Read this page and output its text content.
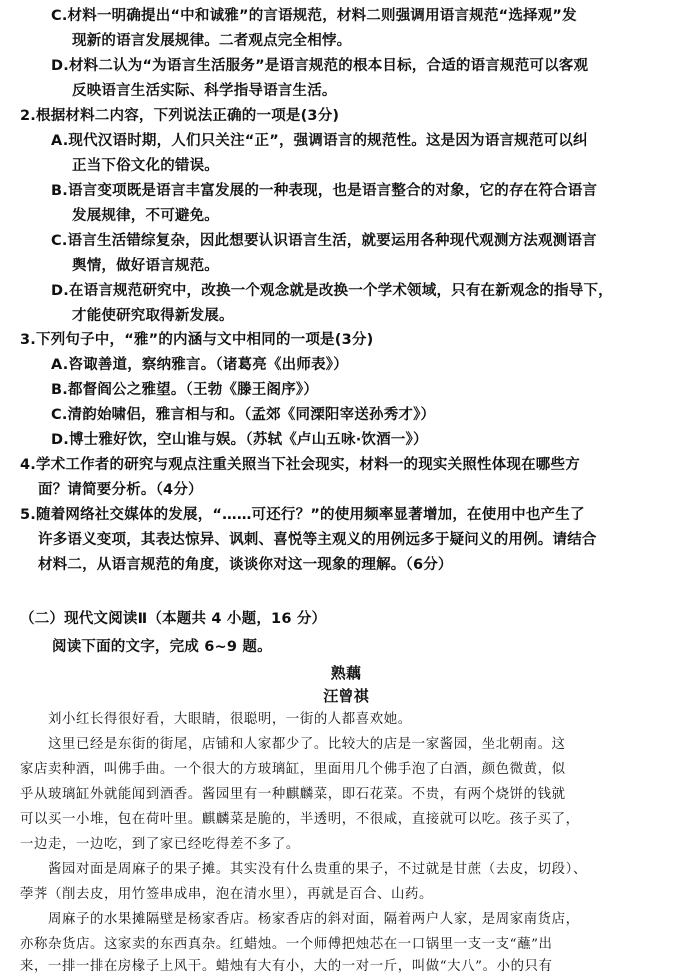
C.材料一明确提出“中和诚雅”的言语规范，材料二则强调用语言规范“选择观”发
现新的语言发展规律。二者观点完全相悖。
D.材料二认为“为语言生活服务”是语言规范的根本目标，合适的语言规范可以客观
反映语言生活实际、科学指导语言生活。
2.根据材料二内容，下列说法正确的一项是(3分)
A.现代汉语时期，人们只关注“正”，强调语言的规范性。这是因为语言规范可以纠
正当下俗文化的错误。
B.语言变项既是语言丰富发展的一种表现，也是语言整合的对象，它的存在符合语言
发展规律，不可避免。
C.语言生活错综复杂，因此想要认识语言生活，就要运用各种现代观测方法观测语言
舆情，做好语言规范。
D.在语言规范研究中，改换一个观念就是改换一个学术领域，只有在新观念的指导下，
才能使研究取得新发展。
3.下列句子中，“雅”的内涵与文中相同的一项是(3分)
A.咨诹善道，察纳雅言。（诸葛亮《出师表》）
B.都督阎公之雅望。（王勃《滕王阁序》）
C.清韵始啸侣，雅言相与和。（孟郊《同溧阳宰送孙秀才》）
D.博士雅好饮，空山谁与娱。（苏轼《卢山五咏·饮酒一》）
4.学术工作者的研究与观点注重关照当下社会现实，材料一的现实关照性体现在哪些方
面？请简要分析。（4分）
5.随着网络社交媒体的发展，“……可还行？”的使用频率显著增加，在使用中也产生了
许多语义变项，其表达惊异、讽刺、喜悦等主观义的用例远多于疑问义的用例。请结合
材料二，从语言规范的角度，谈谈你对这一现象的理解。（6分）
（二）现代文阅读Ⅱ（本题共 4 小题，16 分）
阅读下面的文字，完成 6~9 题。
熟藕
汪曾祺
刘小红长得很好看，大眼睛，很聪明，一街的人都喜欢她。
这里已经是东街的街尾，店铺和人家都少了。比较大的店是一家酱园，坐北朝南。这
家店卖种酒，叫佛手曲。一个很大的方玻璃缸，里面用几个佛手泡了白酒，颜色微黄，似
乎从玻璃缸外就能闻到酒香。酱园里有一种麒麟菜，即石花菜。不贵，有两个烧饼的钱就
可以买一小堆，包在荷叶里。麒麟菜是脆的，半透明，不很咸，直接就可以吃。孩子买了，
一边走，一边吃，到了家已经吃得差不多了。
酱园对面是周麻子的果子摊。其实没有什么贵重的果子，不过就是甘蔗（去皮，切段）、
荸荠（削去皮，用竹签串成串，泡在清水里），再就是百合、山药。
周麻子的水果摊隔壁是杨家香店。杨家香店的斜对面，隔着两户人家，是周家南货店，
亦称杂货店。这家卖的东西真杂。红蜡烛。一个师傅把烛芯在一口锅里一支一支“蘸”出
来，一排一排在房椽子上风干。蜡烛有大有小，大的一对一斤，叫做“大八”。小的只有
